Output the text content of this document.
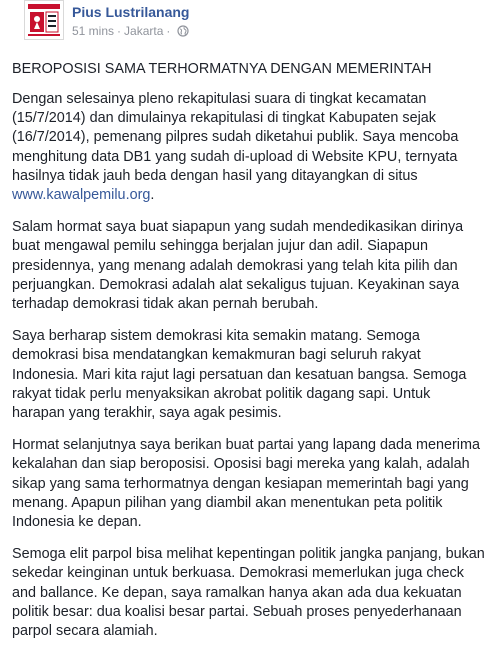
Pius Lustrilanang
51 mins · Jakarta ·

BEROPOSISI SAMA TERHORMATNYA DENGAN MEMERINTAH

Dengan selesainya pleno rekapitulasi suara di tingkat kecamatan (15/7/2014) dan dimulainya rekapitulasi di tingkat Kabupaten sejak (16/7/2014), pemenang pilpres sudah diketahui publik. Saya mencoba menghitung data DB1 yang sudah di-upload di Website KPU, ternyata hasilnya tidak jauh beda dengan hasil yang ditayangkan di situs www.kawalpemilu.org.

Salam hormat saya buat siapapun yang sudah mendedikasikan dirinya buat mengawal pemilu sehingga berjalan jujur dan adil. Siapapun presidennya, yang menang adalah demokrasi yang telah kita pilih dan perjuangkan. Demokrasi adalah alat sekaligus tujuan. Keyakinan saya terhadap demokrasi tidak akan pernah berubah.

Saya berharap sistem demokrasi kita semakin matang. Semoga demokrasi bisa mendatangkan kemakmuran bagi seluruh rakyat Indonesia. Mari kita rajut lagi persatuan dan kesatuan bangsa. Semoga rakyat tidak perlu menyaksikan akrobat politik dagang sapi. Untuk harapan yang terakhir, saya agak pesimis.

Hormat selanjutnya saya berikan buat partai yang lapang dada menerima kekalahan dan siap beroposisi. Oposisi bagi mereka yang kalah, adalah sikap yang sama terhormatnya dengan kesiapan memerintah bagi yang menang. Apapun pilihan yang diambil akan menentukan peta politik Indonesia ke depan.

Semoga elit parpol bisa melihat kepentingan politik jangka panjang, bukan sekedar keinginan untuk berkuasa. Demokrasi memerlukan juga check and ballance. Ke depan, saya ramalkan hanya akan ada dua kekuatan politik besar: dua koalisi besar partai. Sebuah proses penyederhanaan parpol secara alamiah.
